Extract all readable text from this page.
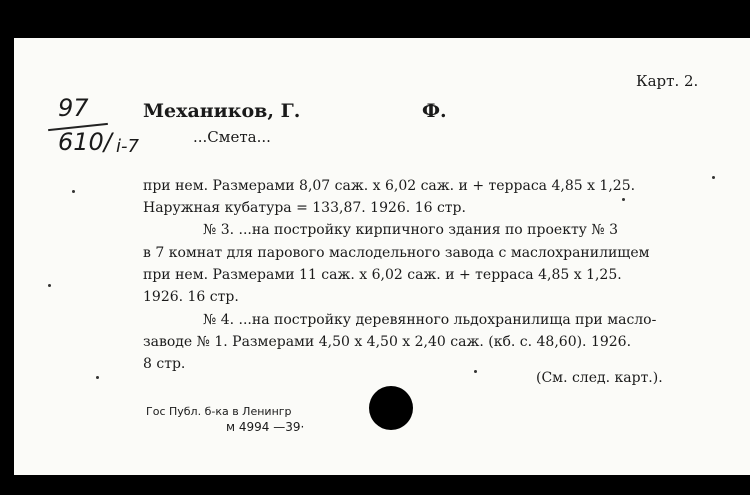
Карт. 2.
97
610/ i-7
Механиков, Г.	Ф.
...Смета...
при нем. Размерами 8,07 саж. х 6,02 саж. и + терраса 4,85 х 1,25.
Наружная кубатура = 133,87. 1926. 16 стр.
№ 3. ...на постройку кирпичного здания по проекту № 3
в 7 комнат для парового маслодельного завода с маслохранилищем
при нем. Размерами 11 саж. х 6,02 саж. и + терраса 4,85 х 1,25.
1926. 16 стр.
№ 4. ...на постройку деревянного льдохранилища при масло-
заводе № 1. Размерами 4,50 х 4,50 х 2,40 саж. (кб. с. 48,60). 1926.
8 стр.
(См. след. карт.).
Гос Публ. б-ка в Ленингр
м 4994 —39·
